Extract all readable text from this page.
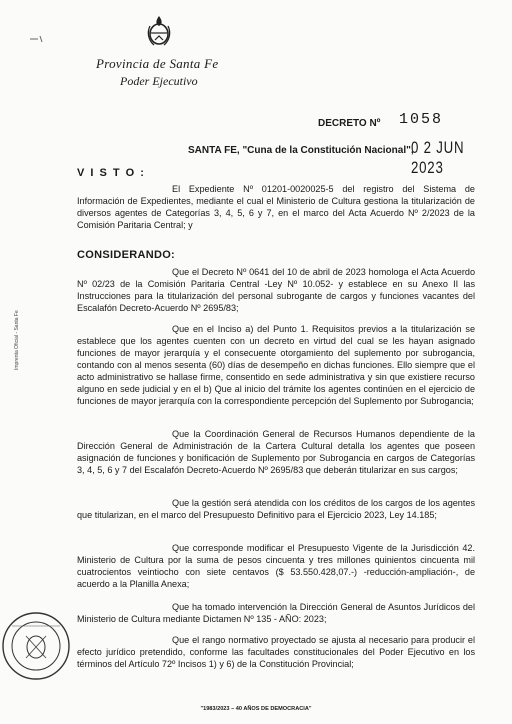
Provincia de Santa Fe
Poder Ejecutivo
DECRETO Nº 1058
SANTA FE, "Cuna de la Constitución Nacional",
0 2 JUN 2023
V I S T O :

El Expediente Nº 01201-0020025-5 del registro del Sistema de Información de Expedientes, mediante el cual el Ministerio de Cultura gestiona la titularización de diversos agentes de Categorías 3, 4, 5, 6 y 7, en el marco del Acta Acuerdo Nº 2/2023 de la Comisión Paritaria Central; y

CONSIDERANDO:

Que el Decreto Nº 0641 del 10 de abril de 2023 homologa el Acta Acuerdo Nº 02/23 de la Comisión Paritaria Central -Ley Nº 10.052- y establece en su Anexo II las Instrucciones para la titularización del personal subrogante de cargos y funciones vacantes del Escalafón Decreto-Acuerdo Nº 2695/83;

Que en el Inciso a) del Punto 1. Requisitos previos a la titularización se establece que los agentes cuenten con un decreto en virtud del cual se les hayan asignado funciones de mayor jerarquía y el consecuente otorgamiento del suplemento por subrogancia, contando con al menos sesenta (60) días de desempeño en dichas funciones. Ello siempre que el acto administrativo se hallase firme, consentido en sede administrativa y sin que existiere recurso alguno en sede judicial y en el b) Que al inicio del trámite los agentes continúen en el ejercicio de funciones de mayor jerarquía con la correspondiente percepción del Suplemento por Subrogancia;

Que la Coordinación General de Recursos Humanos dependiente de la Dirección General de Administración de la Cartera Cultural detalla los agentes que poseen asignación de funciones y bonificación de Suplemento por Subrogancia en cargos de Categorías 3, 4, 5, 6 y 7 del Escalafón Decreto-Acuerdo Nº 2695/83 que deberán titularizar en sus cargos;

Que la gestión será atendida con los créditos de los cargos de los agentes que titularizan, en el marco del Presupuesto Definitivo para el Ejercicio 2023, Ley 14.185;

Que corresponde modificar el Presupuesto Vigente de la Jurisdicción 42. Ministerio de Cultura por la suma de pesos cincuenta y tres millones quinientos cincuenta mil cuatrocientos veintiocho con siete centavos ($ 53.550.428,07.-) -reducción-ampliación-, de acuerdo a la Planilla Anexa;

Que ha tomado intervención la Dirección General de Asuntos Jurídicos del Ministerio de Cultura mediante Dictamen Nº 135 - AÑO: 2023;

Que el rango normativo proyectado se ajusta al necesario para producir el efecto jurídico pretendido, conforme las facultades constitucionales del Poder Ejecutivo en los términos del Artículo 72º Incisos 1) y 6) de la Constitución Provincial;

Imprenta Oficial - Santa Fe
"1983/2023 – 40 AÑOS DE DEMOCRACIA"
